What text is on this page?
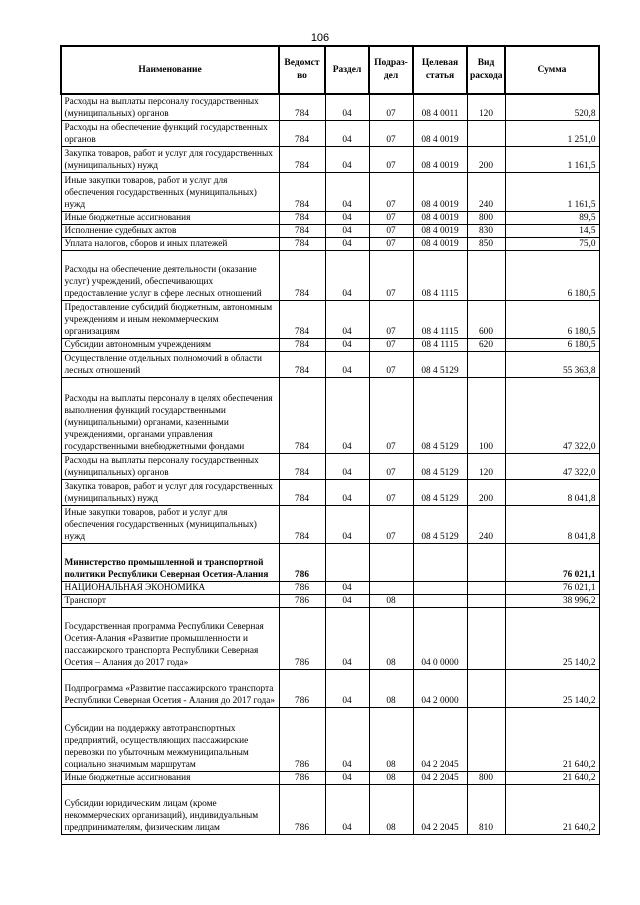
106
Наименование	Ведомст во	Раздел	Подраз- дел	Целевая статья	Вид расхода	Сумма
Расходы на выплаты персоналу государственных (муниципальных) органов	784	04	07	08 4 0011	120	520,8
Расходы на обеспечение функций государственных органов	784	04	07	08 4 0019		1 251,0
Закупка товаров, работ и услуг для государственных (муниципальных) нужд	784	04	07	08 4 0019	200	1 161,5
Иные закупки товаров, работ и услуг для обеспечения государственных (муниципальных) нужд	784	04	07	08 4 0019	240	1 161,5
Иные бюджетные ассигнования	784	04	07	08 4 0019	800	89,5
Исполнение судебных актов	784	04	07	08 4 0019	830	14,5
Уплата налогов, сборов и иных платежей	784	04	07	08 4 0019	850	75,0
Расходы на обеспечение деятельности (оказание услуг) учреждений, обеспечивающих предоставление услуг в сфере лесных отношений	784	04	07	08 4 1115		6 180,5
Предоставление субсидий бюджетным, автономным учреждениям и иным некоммерческим организациям	784	04	07	08 4 1115	600	6 180,5
Субсидии автономным учреждениям	784	04	07	08 4 1115	620	6 180,5
Осуществление отдельных полномочий в области лесных отношений	784	04	07	08 4 5129		55 363,8
Расходы на выплаты персоналу в целях обеспечения выполнения функций государственными (муниципальными) органами, казенными учреждениями, органами управления государственными внебюджетными фондами	784	04	07	08 4 5129	100	47 322,0
Расходы на выплаты персоналу государственных (муниципальных) органов	784	04	07	08 4 5129	120	47 322,0
Закупка товаров, работ и услуг для государственных (муниципальных) нужд	784	04	07	08 4 5129	200	8 041,8
Иные закупки товаров, работ и услуг для обеспечения государственных (муниципальных) нужд	784	04	07	08 4 5129	240	8 041,8
Министерство промышленной и транспортной политики Республики Северная Осетия-Алания	786					76 021,1
НАЦИОНАЛЬНАЯ ЭКОНОМИКА	786	04				76 021,1
Транспорт	786	04	08			38 996,2
Государственная программа Республики Северная Осетия-Алания «Развитие промышленности и пассажирского транспорта Республики Северная Осетия – Алания до 2017 года»	786	04	08	04 0 0000		25 140,2
Подпрограмма «Развитие пассажирского транспорта Республики Северная Осетия - Алания до 2017 года»	786	04	08	04 2 0000		25 140,2
Субсидии на поддержку автотранспортных предприятий, осуществляющих пассажирские перевозки по убыточным межмуниципальным социально значимым маршрутам	786	04	08	04 2 2045		21 640,2
Иные бюджетные ассигнования	786	04	08	04 2 2045	800	21 640,2
Субсидии юридическим лицам (кроме некоммерческих организаций), индивидуальным предпринимателям, физическим лицам	786	04	08	04 2 2045	810	21 640,2
